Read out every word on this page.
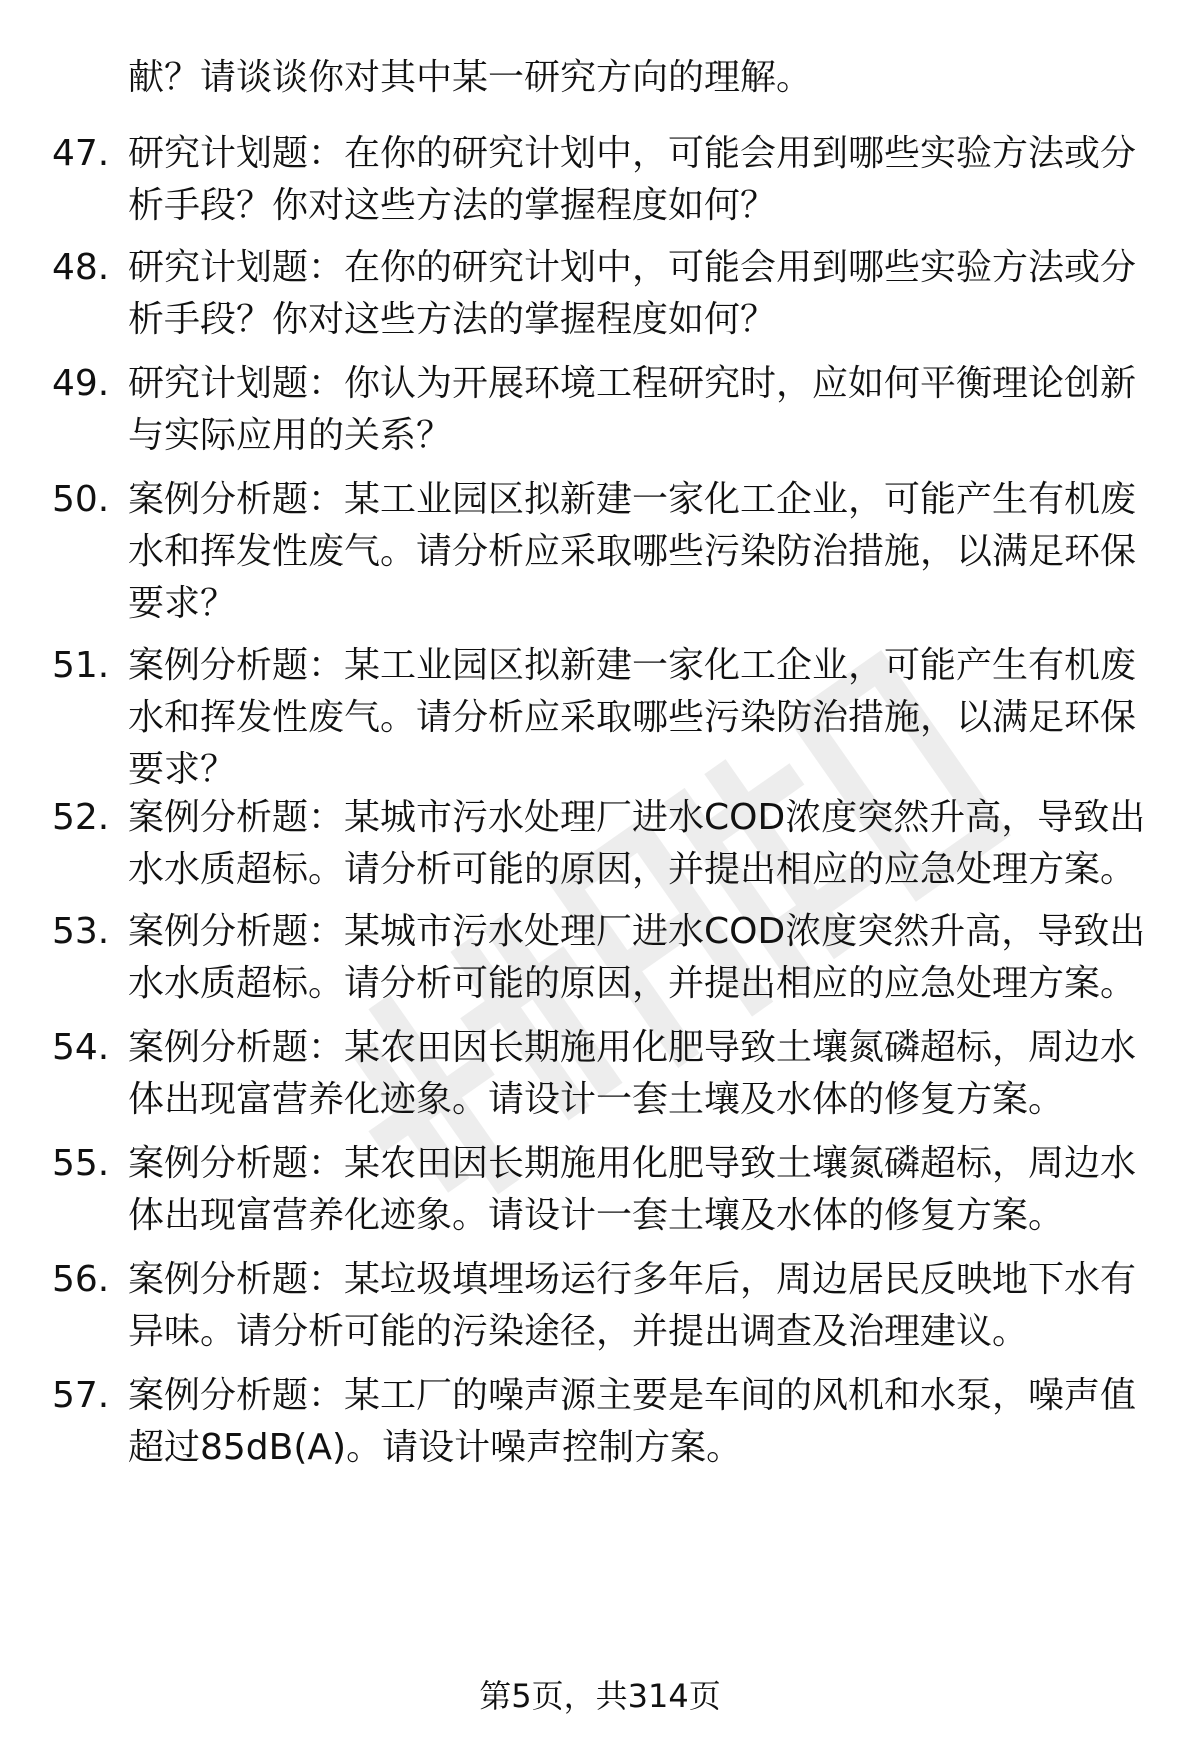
献？请谈谈你对其中某一研究方向的理解。
47. 研究计划题：在你的研究计划中，可能会用到哪些实验方法或分
析手段？你对这些方法的掌握程度如何？
48. 研究计划题：在你的研究计划中，可能会用到哪些实验方法或分
析手段？你对这些方法的掌握程度如何？
49. 研究计划题：你认为开展环境工程研究时，应如何平衡理论创新
与实际应用的关系？
50. 案例分析题：某工业园区拟新建一家化工企业，可能产生有机废
水和挥发性废气。请分析应采取哪些污染防治措施，以满足环保
要求？
51. 案例分析题：某工业园区拟新建一家化工企业，可能产生有机废
水和挥发性废气。请分析应采取哪些污染防治措施，以满足环保
要求？
52. 案例分析题：某城市污水处理厂进水COD浓度突然升高，导致出
水水质超标。请分析可能的原因，并提出相应的应急处理方案。
53. 案例分析题：某城市污水处理厂进水COD浓度突然升高，导致出
水水质超标。请分析可能的原因，并提出相应的应急处理方案。
54. 案例分析题：某农田因长期施用化肥导致土壤氮磷超标，周边水
体出现富营养化迹象。请设计一套土壤及水体的修复方案。
55. 案例分析题：某农田因长期施用化肥导致土壤氮磷超标，周边水
体出现富营养化迹象。请设计一套土壤及水体的修复方案。
56. 案例分析题：某垃圾填埋场运行多年后，周边居民反映地下水有
异味。请分析可能的污染途径，并提出调查及治理建议。
57. 案例分析题：某工厂的噪声源主要是车间的风机和水泵，噪声值
超过85dB(A)。请设计噪声控制方案。
第5页，共314页
